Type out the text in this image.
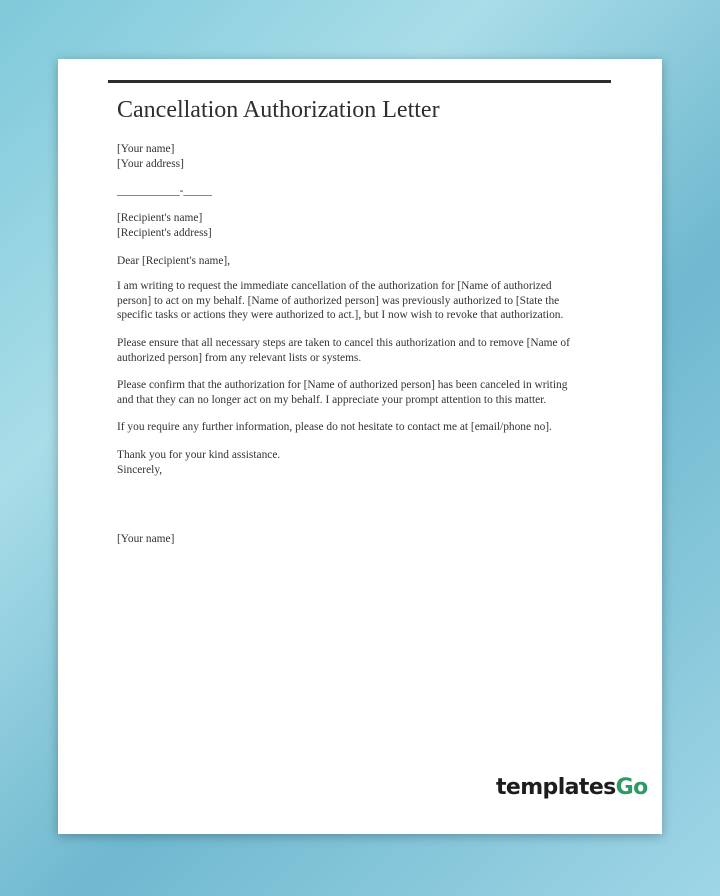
Cancellation Authorization Letter
[Your name]
[Your address]
___________-_____
[Recipient's name]
[Recipient's address]
Dear [Recipient's name],
I am writing to request the immediate cancellation of the authorization for [Name of authorized
person] to act on my behalf. [Name of authorized person] was previously authorized to [State the
specific tasks or actions they were authorized to act.], but I now wish to revoke that authorization.
Please ensure that all necessary steps are taken to cancel this authorization and to remove [Name of
authorized person] from any relevant lists or systems.
Please confirm that the authorization for [Name of authorized person] has been canceled in writing
and that they can no longer act on my behalf. I appreciate your prompt attention to this matter.
If you require any further information, please do not hesitate to contact me at [email/phone no].
Thank you for your kind assistance.
Sincerely,
[Your name]
templatesGo
